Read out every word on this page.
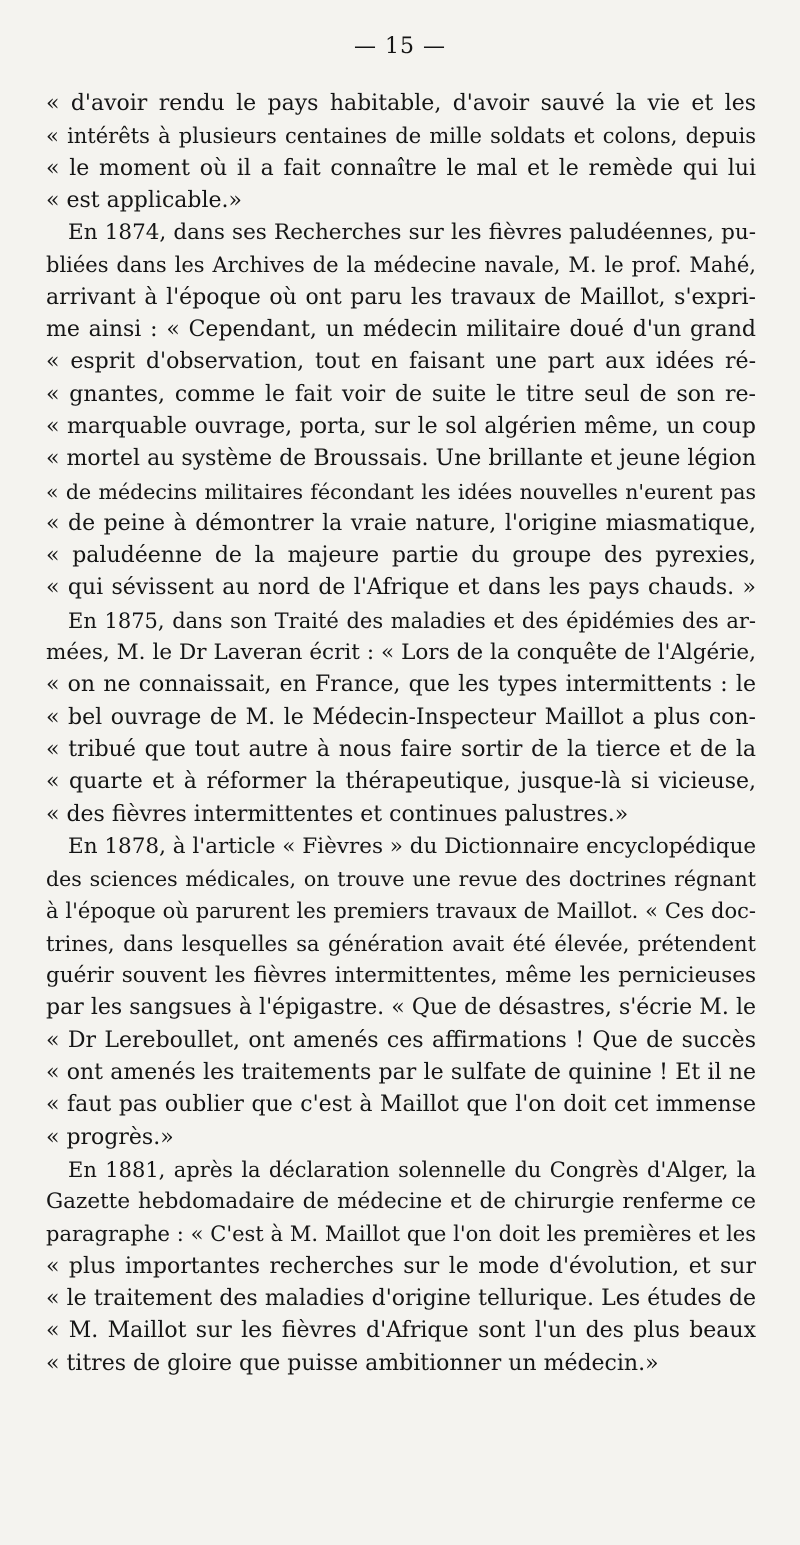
— 15 —
« d'avoir rendu le pays habitable, d'avoir sauvé la vie et les
« intérêts à plusieurs centaines de mille soldats et colons, depuis
« le moment où il a fait connaître le mal et le remède qui lui
« est applicable.»
En 1874, dans ses Recherches sur les fièvres paludéennes, pu-
bliées dans les Archives de la médecine navale, M. le prof. Mahé,
arrivant à l'époque où ont paru les travaux de Maillot, s'expri-
me ainsi : « Cependant, un médecin militaire doué d'un grand
« esprit d'observation, tout en faisant une part aux idées ré-
« gnantes, comme le fait voir de suite le titre seul de son re-
« marquable ouvrage, porta, sur le sol algérien même, un coup
« mortel au système de Broussais. Une brillante et jeune légion
« de médecins militaires fécondant les idées nouvelles n'eurent pas
« de peine à démontrer la vraie nature, l'origine miasmatique,
« paludéenne de la majeure partie du groupe des pyrexies,
« qui sévissent au nord de l'Afrique et dans les pays chauds. »
En 1875, dans son Traité des maladies et des épidémies des ar-
mées, M. le Dr Laveran écrit : « Lors de la conquête de l'Algérie,
« on ne connaissait, en France, que les types intermittents : le
« bel ouvrage de M. le Médecin-Inspecteur Maillot a plus con-
« tribué que tout autre à nous faire sortir de la tierce et de la
« quarte et à réformer la thérapeutique, jusque-là si vicieuse,
« des fièvres intermittentes et continues palustres.»
En 1878, à l'article « Fièvres » du Dictionnaire encyclopédique
des sciences médicales, on trouve une revue des doctrines régnant
à l'époque où parurent les premiers travaux de Maillot. « Ces doc-
trines, dans lesquelles sa génération avait été élevée, prétendent
guérir souvent les fièvres intermittentes, même les pernicieuses
par les sangsues à l'épigastre. « Que de désastres, s'écrie M. le
« Dr Lereboullet, ont amenés ces affirmations ! Que de succès
« ont amenés les traitements par le sulfate de quinine ! Et il ne
« faut pas oublier que c'est à Maillot que l'on doit cet immense
« progrès.»
En 1881, après la déclaration solennelle du Congrès d'Alger, la
Gazette hebdomadaire de médecine et de chirurgie renferme ce
paragraphe : « C'est à M. Maillot que l'on doit les premières et les
« plus importantes recherches sur le mode d'évolution, et sur
« le traitement des maladies d'origine tellurique. Les études de
« M. Maillot sur les fièvres d'Afrique sont l'un des plus beaux
« titres de gloire que puisse ambitionner un médecin.»
